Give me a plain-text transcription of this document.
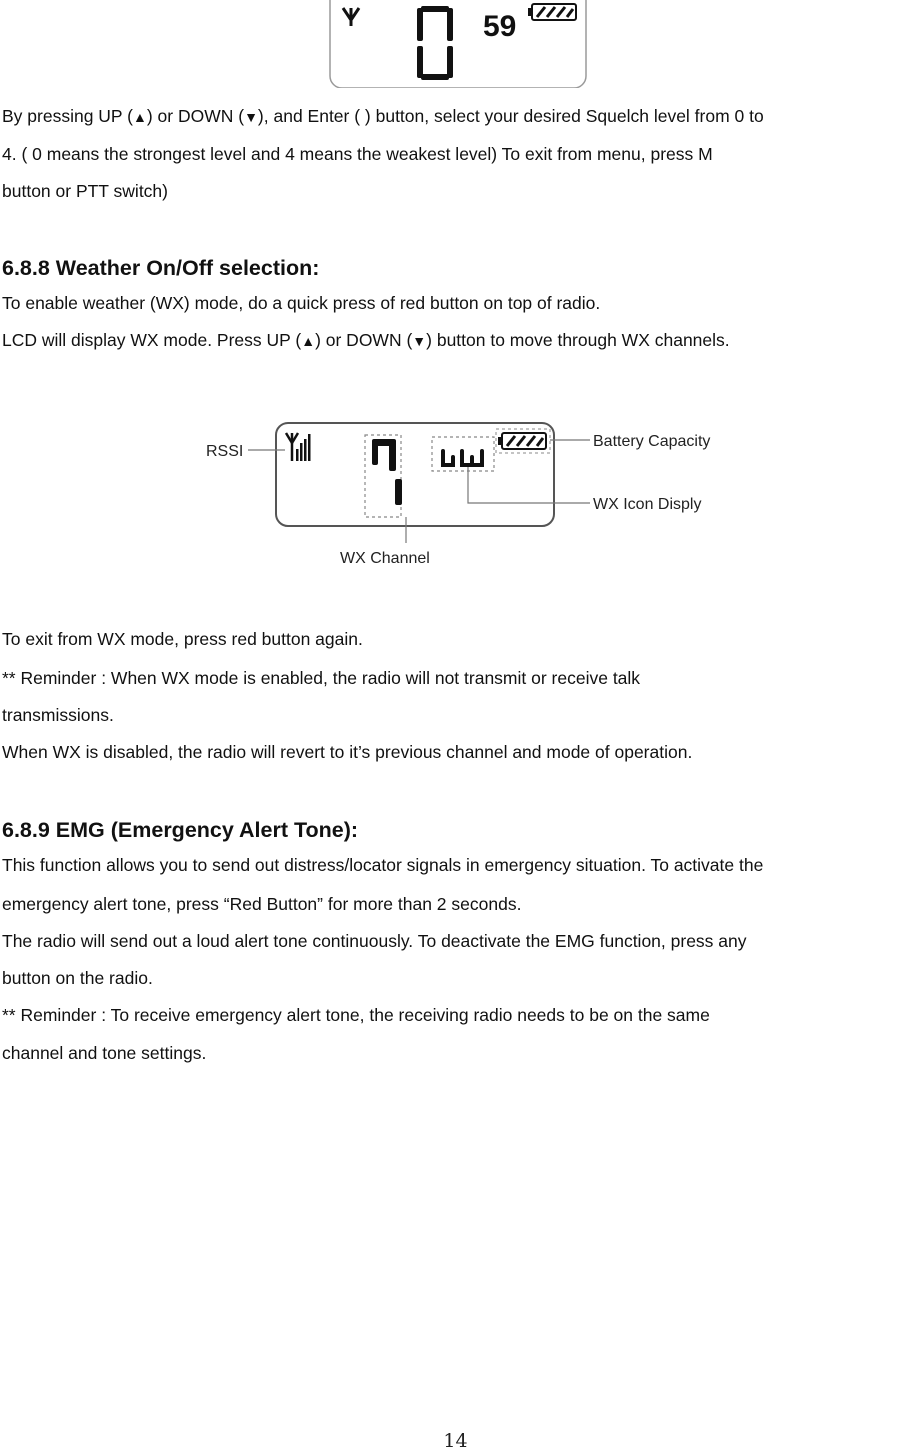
59
By pressing UP (▲) or DOWN (▼), and Enter ( ) button, select your desired Squelch level from 0 to
4. ( 0 means the strongest level and 4 means the weakest level) To exit from menu, press M
button or PTT switch)
6.8.8 Weather On/Off selection:
To enable weather (WX) mode, do a quick press of red button on top of radio.
LCD will display WX mode. Press UP (▲) or DOWN (▼) button to move through WX channels.
RSSI
WX Channel
WX Icon Disply
Battery Capacity
To exit from WX mode, press red button again.
** Reminder : When WX mode is enabled, the radio will not transmit or receive talk
transmissions.
When WX is disabled, the radio will revert to it’s previous channel and mode of operation.
6.8.9 EMG (Emergency Alert Tone):
This function allows you to send out distress/locator signals in emergency situation. To activate the
emergency alert tone, press “Red Button” for more than 2 seconds.
The radio will send out a loud alert tone continuously. To deactivate the EMG function, press any
button on the radio.
** Reminder : To receive emergency alert tone, the receiving radio needs to be on the same
channel and tone settings.
14
